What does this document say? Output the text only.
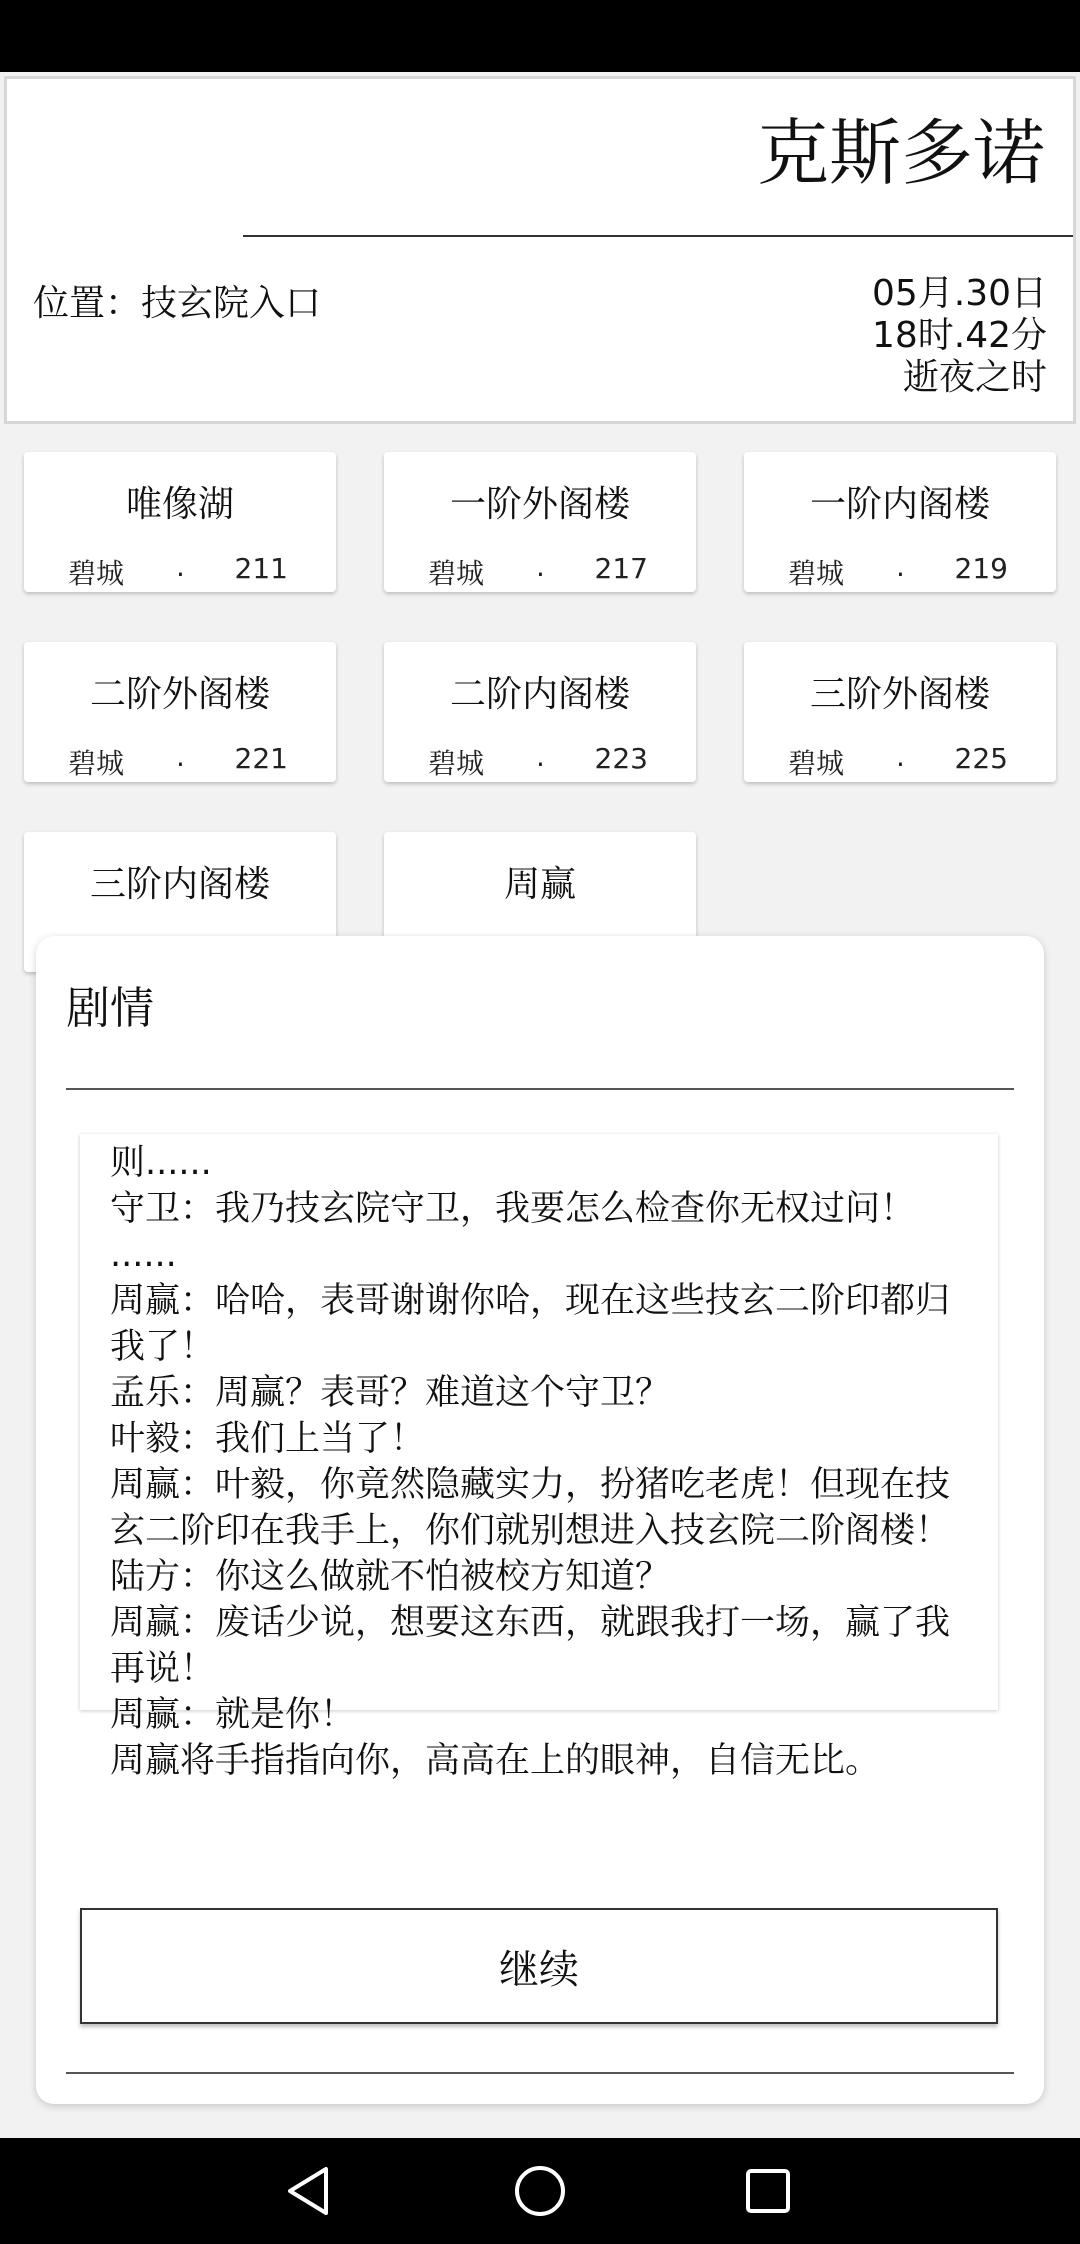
克斯多诺
位置：技玄院入口	05月.30日
18时.42分
逝夜之时
唯像湖
碧城 . 211
一阶外阁楼
碧城 . 217
一阶内阁楼
碧城 . 219
二阶外阁楼
碧城 . 221
二阶内阁楼
碧城 . 223
三阶外阁楼
碧城 . 225
三阶内阁楼	周赢
剧情
则......
守卫：我乃技玄院守卫，我要怎么检查你无权过问！
......
周赢：哈哈，表哥谢谢你哈，现在这些技玄二阶印都归我了！
孟乐：周赢？表哥？难道这个守卫？
叶毅：我们上当了！
周赢：叶毅，你竟然隐藏实力，扮猪吃老虎！但现在技玄二阶印在我手上，你们就别想进入技玄院二阶阁楼！
陆方：你这么做就不怕被校方知道？
周赢：废话少说，想要这东西，就跟我打一场，赢了我再说！
周赢：就是你！
周赢将手指指向你，高高在上的眼神，自信无比。
继续
